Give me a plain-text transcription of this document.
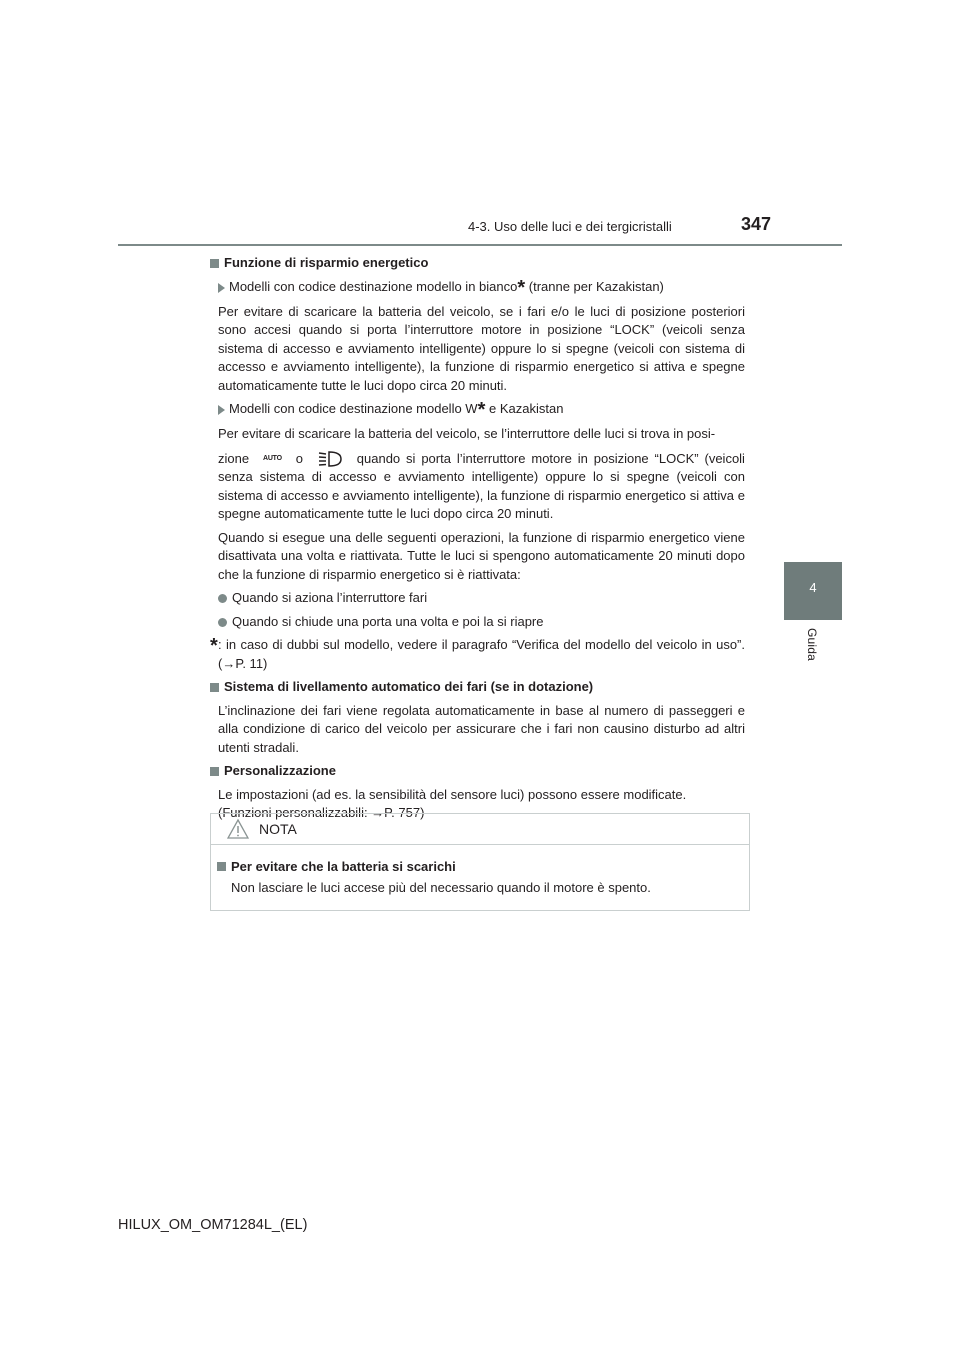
4-3. Uso delle luci e dei tergicristalli	347
4
Guida
Funzione di risparmio energetico
Modelli con codice destinazione modello in bianco* (tranne per Kazakistan)
Per evitare di scaricare la batteria del veicolo, se i fari e/o le luci di posizione posteriori sono accesi quando si porta l’interruttore motore in posizione “LOCK” (veicoli senza sistema di accesso e avviamento intelligente) oppure lo si spegne (veicoli con sistema di accesso e avviamento intelligente), la funzione di risparmio energetico si attiva e spegne automaticamente tutte le luci dopo circa 20 minuti.
Modelli con codice destinazione modello W* e Kazakistan
Per evitare di scaricare la batteria del veicolo, se l’interruttore delle luci si trova in posi-
zione AUTO o	quando si porta l’interruttore motore in posizione “LOCK” (veicoli senza sistema di accesso e avviamento intelligente) oppure lo si spegne (veicoli con sistema di accesso e avviamento intelligente), la funzione di risparmio energetico si attiva e spegne automaticamente tutte le luci dopo circa 20 minuti.
Quando si esegue una delle seguenti operazioni, la funzione di risparmio energetico viene disattivata una volta e riattivata. Tutte le luci si spengono automaticamente 20 minuti dopo che la funzione di risparmio energetico si è riattivata:
Quando si aziona l’interruttore fari
Quando si chiude una porta una volta e poi la si riapre
* : in caso di dubbi sul modello, vedere il paragrafo “Verifica del modello del veicolo in uso”. (→P. 11)
Sistema di livellamento automatico dei fari (se in dotazione)
L’inclinazione dei fari viene regolata automaticamente in base al numero di passeggeri e alla condizione di carico del veicolo per assicurare che i fari non causino disturbo ad altri utenti stradali.
Personalizzazione
Le impostazioni (ad es. la sensibilità del sensore luci) possono essere modificate.
(Funzioni personalizzabili: →P. 757)
NOTA
Per evitare che la batteria si scarichi
Non lasciare le luci accese più del necessario quando il motore è spento.
HILUX_OM_OM71284L_(EL)
